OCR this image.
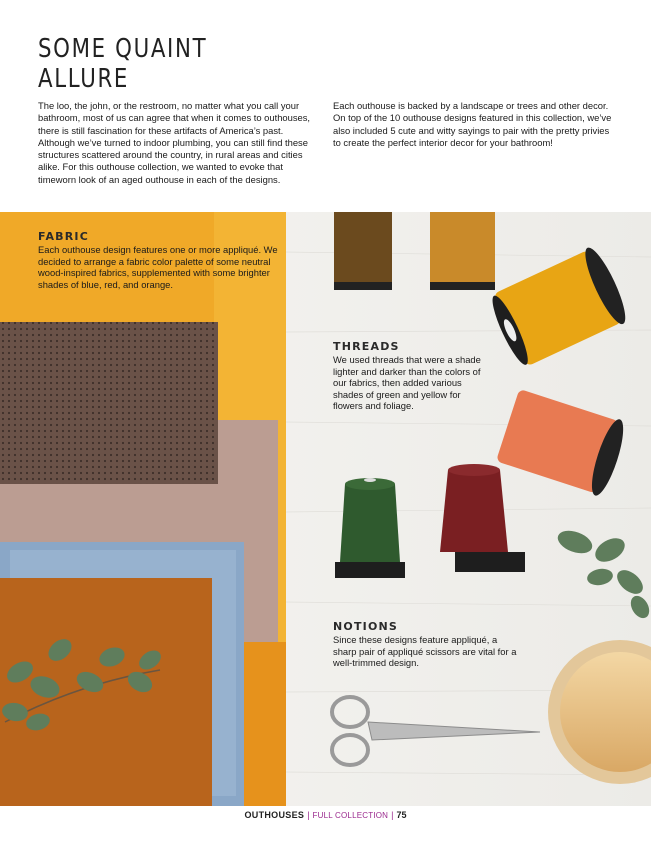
SOME QUAINT
ALLURE

The loo, the john, or the restroom, no matter what you call your bathroom, most of us can agree that when it comes to outhouses, there is still fascination for these artifacts of America’s past. Although we’ve turned to indoor plumbing, you can still find these structures scattered around the country, in rural areas and cities alike. For this outhouse collection, we wanted to evoke that timeworn look of an aged outhouse in each of the designs.

Each outhouse is backed by a landscape or trees and other decor. On top of the 10 outhouse designs featured in this collection, we’ve also included 5 cute and witty sayings to pair with the pretty privies to create the perfect interior decor for your bathroom!

FABRIC

Each outhouse design features one or more appliqué. We decided to arrange a fabric color palette of some neutral wood-inspired fabrics, supplemented with some brighter shades of blue, red, and orange.

THREADS

We used threads that were a shade lighter and darker than the colors of our fabrics, then added various shades of green and yellow for flowers and foliage.

NOTIONS

Since these designs feature appliqué, a sharp pair of appliqué scissors are vital for a well-trimmed design.

OUTHOUSES | FULL COLLECTION | 75
